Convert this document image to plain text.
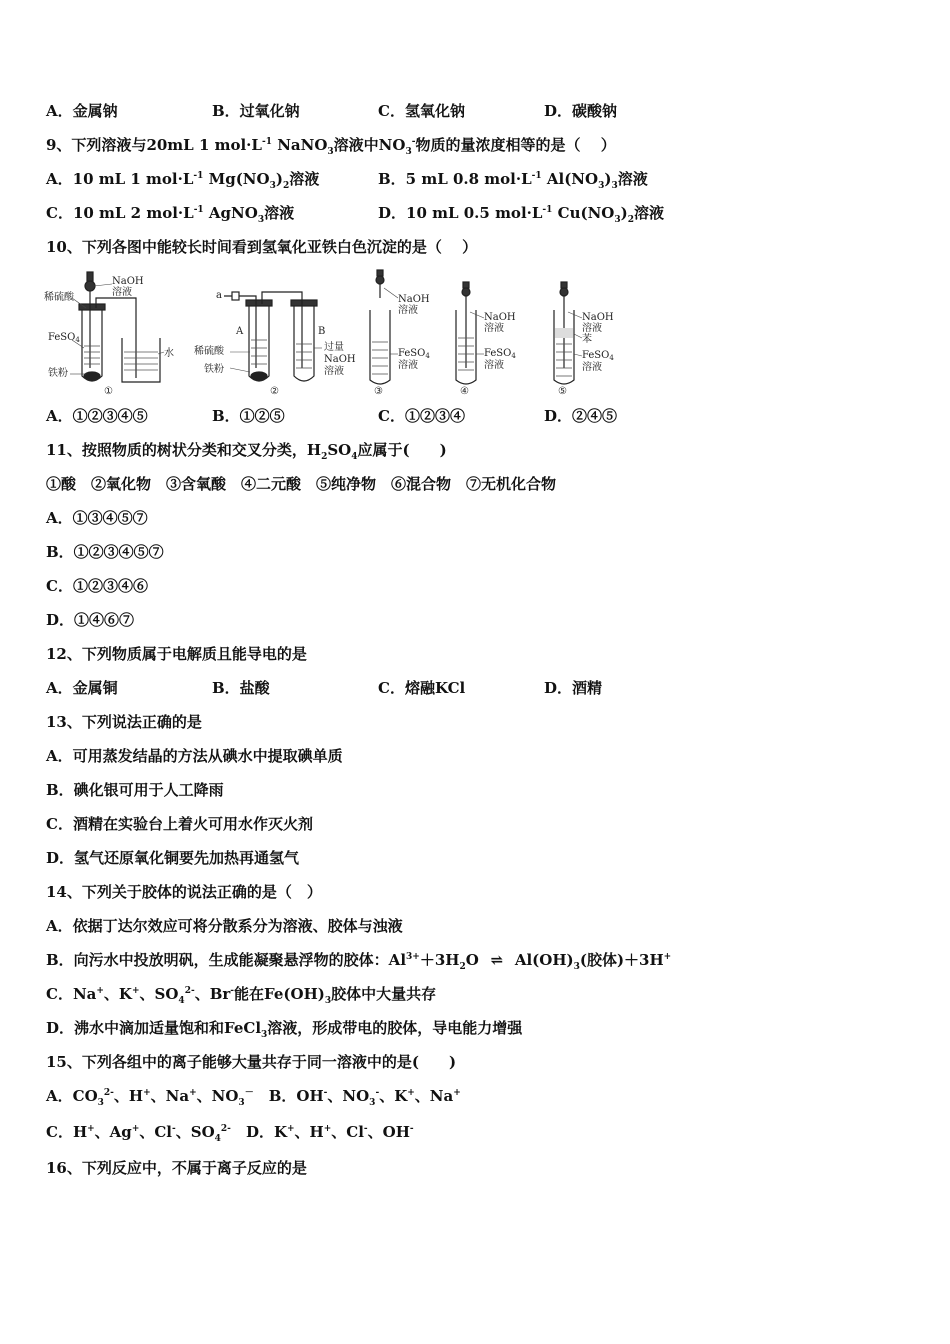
A．金属钠	B．过氧化钠	C．氢氧化钠	D．碳酸钠
9、下列溶液与20mL 1 $mol\cdot L^{-1}$ NaNO$_3$溶液中$NO_3^-$物质的量浓度相等的是（　 ）
A．10 mL 1 $mol\cdot L^{-1}$ $Mg(NO_3)_2$溶液	B．5 mL 0.8 $mol\cdot L^{-1}$ $Al(NO_3)_3$溶液
C．10 mL 2 $mol\cdot L^{-1}$ AgNO$_3$溶液	D．10 mL 0.5 $mol\cdot L^{-1}$ $Cu(NO_3)_2$溶液
10、下列各图中能较长时间看到氢氧化亚铁白色沉淀的是（　 ）
NaOH
溶液
稀硫酸
FeSO$_4$
铁粉
水
①
a
A	B
稀硫酸
铁粉
过量
NaOH
溶液
②
NaOH
溶液
FeSO$_4$
溶液
③
NaOH
溶液
FeSO$_4$
溶液
④
NaOH
溶液
苯
FeSO$_4$
溶液
⑤
A．①②③④⑤	B．①②⑤	C．①②③④	D．②④⑤
11、按照物质的树状分类和交叉分类，$H_2SO_4$应属于(　　)
①酸　②氧化物　③含氧酸　④二元酸　⑤纯净物　⑥混合物　⑦无机化合物
A．①③④⑤⑦
B．①②③④⑤⑦
C．①②③④⑥
D．①④⑥⑦
12、下列物质属于电解质且能导电的是
A．金属铜	B．盐酸	C．熔融KCl	D．酒精
13、下列说法正确的是
A．可用蒸发结晶的方法从碘水中提取碘单质
B．碘化银可用于人工降雨
C．酒精在实验台上着火可用水作灭火剂
D．氢气还原氧化铜要先加热再通氢气
14、下列关于胶体的说法正确的是（　）
A．依据丁达尔效应可将分散系分为溶液、胶体与浊液
B．向污水中投放明矾，生成能凝聚悬浮物的胶体：$Al^{3+}+3H_2O$ ⇌ $Al(OH)_3$(胶体)＋3H+
C．Na+、K+、$SO_4^{2-}$、Br-能在$Fe(OH)_3$胶体中大量共存
D．沸水中滴加适量饱和和FeCl$_3$溶液，形成带电的胶体，导电能力增强
15、下列各组中的离子能够大量共存于同一溶液中的是(　　)
A．$CO_3^{2-}$、H+、Na+、$NO_3^-$　 B．OH-、$NO_3^-$、K+、Na+
C．H+、Ag+、Cl-、$SO_4^{2-}$　 D．K+、H+、Cl-、OH-
16、下列反应中，不属于离子反应的是
